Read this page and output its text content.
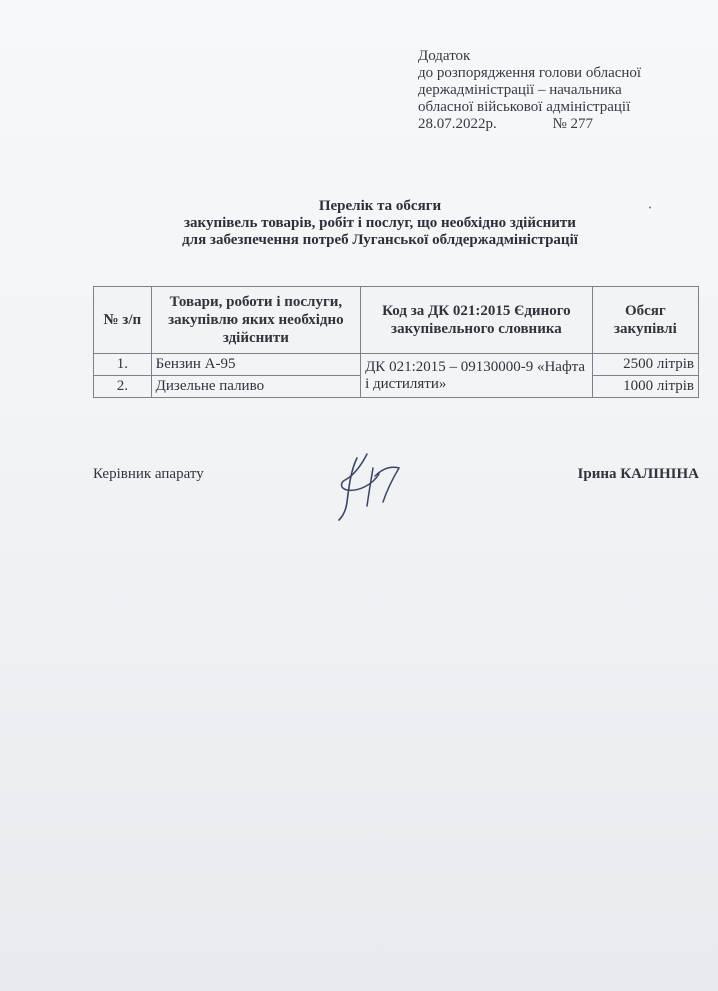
Додаток
до розпорядження голови обласної
держадміністрації – начальника
обласної військової адміністрації
28.07.2022р.	№ 277
Перелік та обсяги
закупівель товарів, робіт і послуг, що необхідно здійснити
для забезпечення потреб Луганської облдержадміністрації
№ з/п	Товари, роботи і послуги, закупівлю яких необхідно здійснити	Код за ДК 021:2015 Єдиного закупівельного словника	Обсяг закупівлі
1.	Бензин А-95	ДК 021:2015 – 09130000-9 «Нафта і дистиляти»	2500 літрів
2.	Дизельне паливо		1000 літрів
Керівник апарату	Ірина КАЛІНІНА
